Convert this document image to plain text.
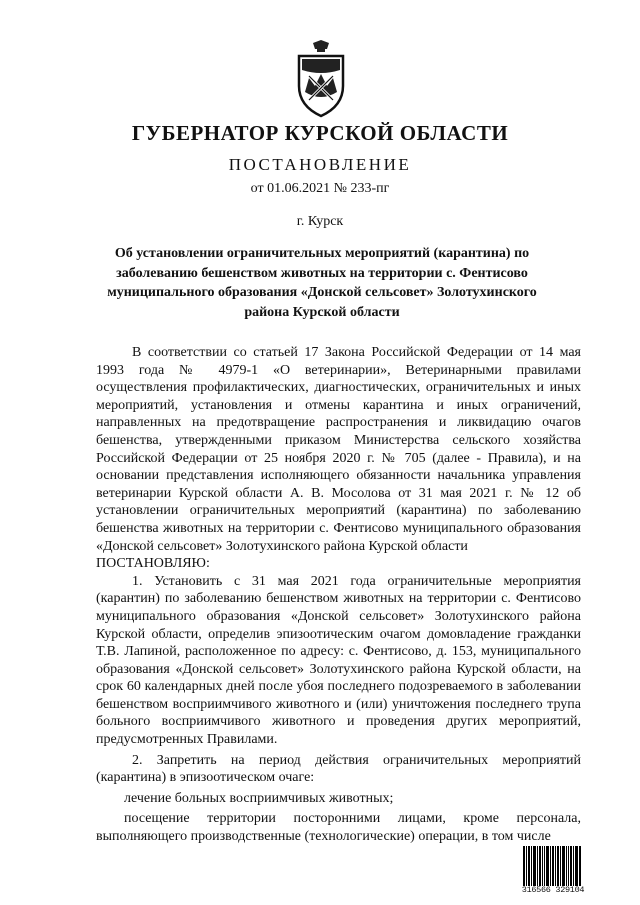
ГУБЕРНАТОР КУРСКОЙ ОБЛАСТИ
ПОСТАНОВЛЕНИЕ
от 01.06.2021 № 233-пг
г. Курск
Об установлении ограничительных мероприятий (карантина) по заболеванию бешенством животных на территории с. Фентисово муниципального образования «Донской сельсовет» Золотухинского района Курской области

В соответствии со статьей 17 Закона Российской Федерации от 14 мая 1993 года № 4979-1 «О ветеринарии», Ветеринарными правилами осуществления профилактических, диагностических, ограничительных и иных мероприятий, установления и отмены карантина и иных ограничений, направленных на предотвращение распространения и ликвидацию очагов бешенства, утвержденными приказом Министерства сельского хозяйства Российской Федерации от 25 ноября 2020 г. № 705 (далее - Правила), и на основании представления исполняющего обязанности начальника управления ветеринарии Курской области А. В. Мосолова от 31 мая 2021 г. № 12 об установлении ограничительных мероприятий (карантина) по заболеванию бешенства животных на территории с. Фентисово муниципального образования «Донской сельсовет» Золотухинского района Курской области

ПОСТАНОВЛЯЮ:

1. Установить с 31 мая 2021 года ограничительные мероприятия (карантин) по заболеванию бешенством животных на территории с. Фентисово муниципального образования «Донской сельсовет» Золотухинского района Курской области, определив эпизоотическим очагом домовладение гражданки Т.В. Лапиной, расположенное по адресу: с. Фентисово, д. 153, муниципального образования «Донской сельсовет» Золотухинского района Курской области, на срок 60 календарных дней после убоя последнего подозреваемого в заболевании бешенством восприимчивого животного и (или) уничтожения последнего трупа больного восприимчивого животного и проведения других мероприятий, предусмотренных Правилами.

2. Запретить на период действия ограничительных мероприятий (карантина) в эпизоотическом очаге:

лечение больных восприимчивых животных;

посещение территории посторонними лицами, кроме персонала, выполняющего производственные (технологические) операции, в том числе

316566 329104
